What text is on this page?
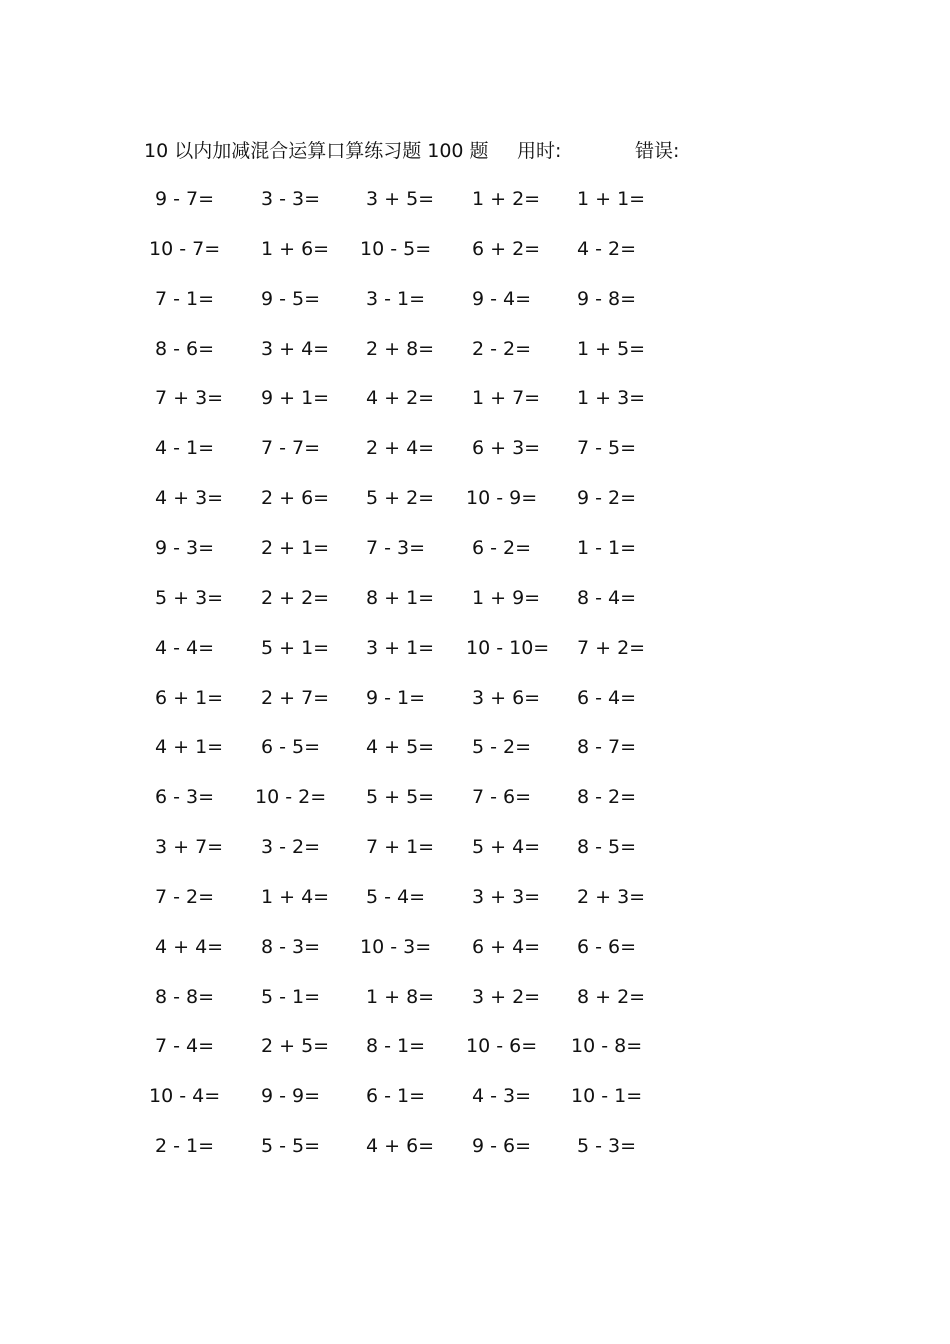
10 以内加减混合运算口算练习题 100 题 用时:	错误:
9 - 7= 3 - 3= 3 + 5= 1 + 2= 1 + 1=
10 - 7= 1 + 6= 10 - 5= 6 + 2= 4 - 2=
7 - 1= 9 - 5= 3 - 1= 9 - 4= 9 - 8=
8 - 6= 3 + 4= 2 + 8= 2 - 2= 1 + 5=
7 + 3= 9 + 1= 4 + 2= 1 + 7= 1 + 3=
4 - 1= 7 - 7= 2 + 4= 6 + 3= 7 - 5=
4 + 3= 2 + 6= 5 + 2= 10 - 9= 9 - 2=
9 - 3= 2 + 1= 7 - 3= 6 - 2= 1 - 1=
5 + 3= 2 + 2= 8 + 1= 1 + 9= 8 - 4=
4 - 4= 5 + 1= 3 + 1= 10 - 10= 7 + 2=
6 + 1= 2 + 7= 9 - 1= 3 + 6= 6 - 4=
4 + 1= 6 - 5= 4 + 5= 5 - 2= 8 - 7=
6 - 3= 10 - 2= 5 + 5= 7 - 6= 8 - 2=
3 + 7= 3 - 2= 7 + 1= 5 + 4= 8 - 5=
7 - 2= 1 + 4= 5 - 4= 3 + 3= 2 + 3=
4 + 4= 8 - 3= 10 - 3= 6 + 4= 6 - 6=
8 - 8= 5 - 1= 1 + 8= 3 + 2= 8 + 2=
7 - 4= 2 + 5= 8 - 1= 10 - 6= 10 - 8=
10 - 4= 9 - 9= 6 - 1= 4 - 3= 10 - 1=
2 - 1= 5 - 5= 4 + 6= 9 - 6= 5 - 3=
